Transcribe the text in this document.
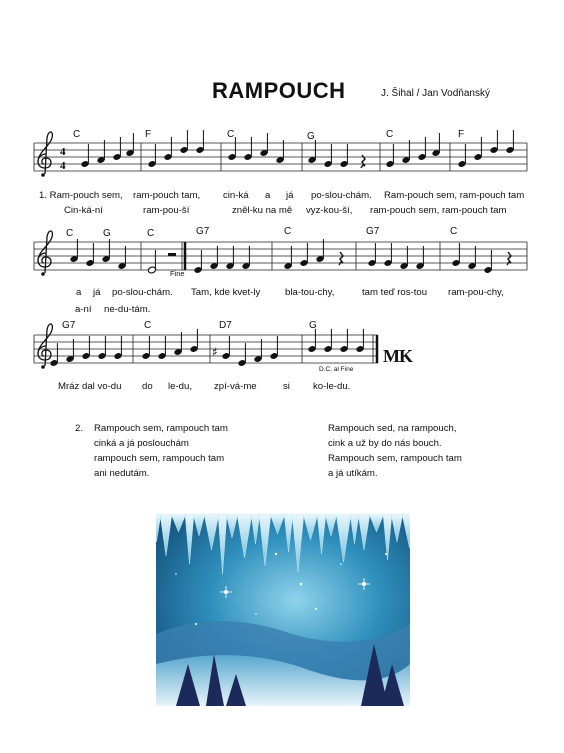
RAMPOUCH	J. Šihal / Jan Vodňanský
4
4
♯
C	F	C	G	C	F
C	G	C	G7	C	G7	C
G7	C	D7	G
Fine
D.C. al Fine
1. Ram-pouch sem, ram-pouch tam, cin-ká a já po-slou-chám. Ram-pouch sem, ram-pouch tam
Cin-ká-ní	ram-pou-ší	zněl-ku na mě vyz-kou-ší, ram-pouch sem, ram-pouch tam
a já po-slou-chám. Tam, kde kvet-ly	bla-tou-chy,	tam teď ros-tou ram-pou-chy,
a-ní ne-du-tám.
Mráz dal vo-du do le-du, zpí-vá-me	si ko-le-du.
MK
2. Rampouch sem, rampouch tam
cinká a já poslouchám
rampouch sem, rampouch tam
ani nedutám.
Rampouch sed, na rampouch,
cink a už by do nás bouch.
Rampouch sem, rampouch tam
a já utíkám.
